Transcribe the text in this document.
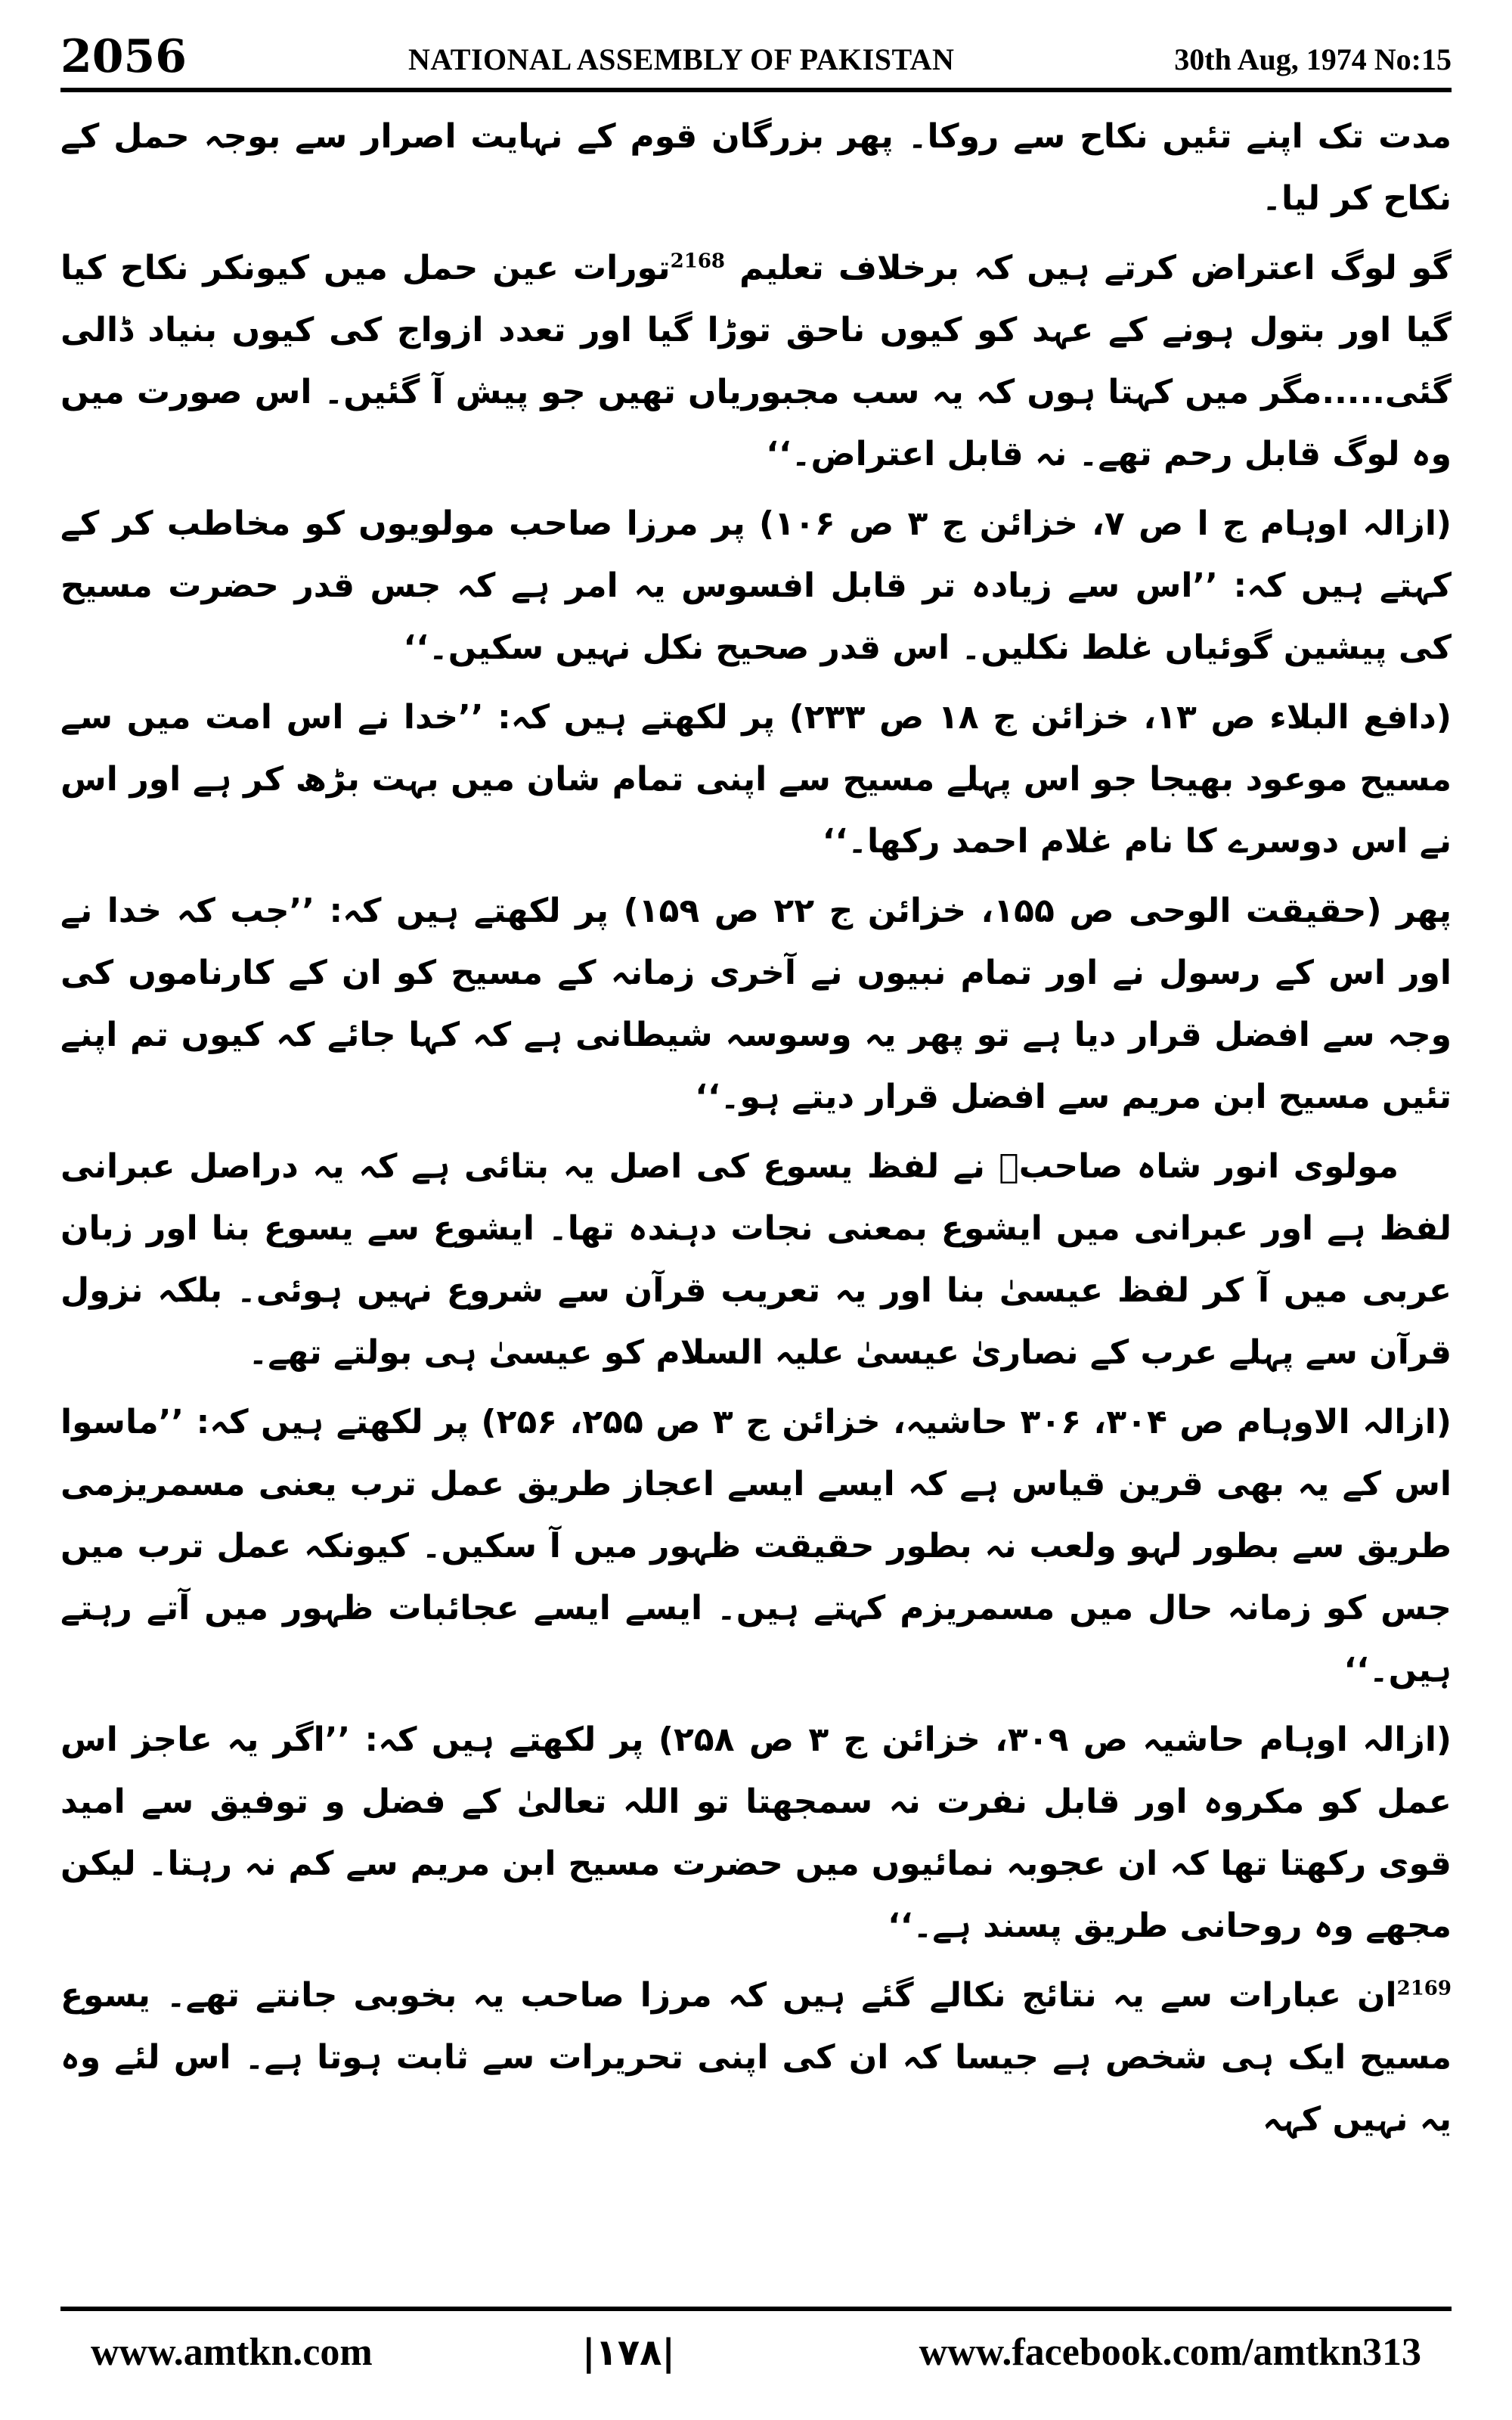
2056	NATIONAL ASSEMBLY OF PAKISTAN	30th Aug, 1974 No:15

مدت تک اپنے تئیں نکاح سے روکا۔ پھر بزرگان قوم کے نہایت اصرار سے بوجہ حمل کے نکاح کر لیا۔

گو لوگ اعتراض کرتے ہیں کہ برخلاف تعلیم $^{2168}$تورات عین حمل میں کیونکر نکاح کیا گیا اور بتول ہونے کے عہد کو کیوں ناحق توڑا گیا اور تعدد ازواج کی کیوں بنیاد ڈالی گئی.....مگر میں کہتا ہوں کہ یہ سب مجبوریاں تھیں جو پیش آ گئیں۔ اس صورت میں وہ لوگ قابل رحم تھے۔ نہ قابل اعتراض۔‘‘

(ازالہ اوہام ج ا ص ۷، خزائن ج ۳ ص ۱۰۶) پر مرزا صاحب مولویوں کو مخاطب کر کے کہتے ہیں کہ: ’’اس سے زیادہ تر قابل افسوس یہ امر ہے کہ جس قدر حضرت مسیح کی پیشین گوئیاں غلط نکلیں۔ اس قدر صحیح نکل نہیں سکیں۔‘‘

(دافع البلاء ص ۱۳، خزائن ج ۱۸ ص ۲۳۳) پر لکھتے ہیں کہ: ’’خدا نے اس امت میں سے مسیح موعود بھیجا جو اس پہلے مسیح سے اپنی تمام شان میں بہت بڑھ کر ہے اور اس نے اس دوسرے کا نام غلام احمد رکھا۔‘‘

پھر (حقیقت الوحی ص ۱۵۵، خزائن ج ۲۲ ص ۱۵۹) پر لکھتے ہیں کہ: ’’جب کہ خدا نے اور اس کے رسول نے اور تمام نبیوں نے آخری زمانہ کے مسیح کو ان کے کارناموں کی وجہ سے افضل قرار دیا ہے تو پھر یہ وسوسہ شیطانی ہے کہ کہا جائے کہ کیوں تم اپنے تئیں مسیح ابن مریم سے افضل قرار دیتے ہو۔‘‘

مولوی انور شاہ صاحبؒ نے لفظ یسوع کی اصل یہ بتائی ہے کہ یہ دراصل عبرانی لفظ ہے اور عبرانی میں ایشوع بمعنی نجات دہندہ تھا۔ ایشوع سے یسوع بنا اور زبان عربی میں آ کر لفظ عیسیٰ بنا اور یہ تعریب قرآن سے شروع نہیں ہوئی۔ بلکہ نزول قرآن سے پہلے عرب کے نصاریٰ عیسیٰ علیہ السلام کو عیسیٰ ہی بولتے تھے۔

(ازالہ الاوہام ص ۳۰۴، ۳۰۶ حاشیہ، خزائن ج ۳ ص ۲۵۵، ۲۵۶) پر لکھتے ہیں کہ: ’’ماسوا اس کے یہ بھی قرین قیاس ہے کہ ایسے ایسے اعجاز طریق عمل ترب یعنی مسمریزمی طریق سے بطور لہو ولعب نہ بطور حقیقت ظہور میں آ سکیں۔ کیونکہ عمل ترب میں جس کو زمانہ حال میں مسمریزم کہتے ہیں۔ ایسے ایسے عجائبات ظہور میں آتے رہتے ہیں۔‘‘

(ازالہ اوہام حاشیہ ص ۳۰۹، خزائن ج ۳ ص ۲۵۸) پر لکھتے ہیں کہ: ’’اگر یہ عاجز اس عمل کو مکروہ اور قابل نفرت نہ سمجھتا تو اللہ تعالیٰ کے فضل و توفیق سے امید قوی رکھتا تھا کہ ان عجوبہ نمائیوں میں حضرت مسیح ابن مریم سے کم نہ رہتا۔ لیکن مجھے وہ روحانی طریق پسند ہے۔‘‘

$^{2169}$ان عبارات سے یہ نتائج نکالے گئے ہیں کہ مرزا صاحب یہ بخوبی جانتے تھے۔ یسوع مسیح ایک ہی شخص ہے جیسا کہ ان کی اپنی تحریرات سے ثابت ہوتا ہے۔ اس لئے وہ یہ نہیں کہہ

www.amtkn.com	|۱۷۸|	www.facebook.com/amtkn313
